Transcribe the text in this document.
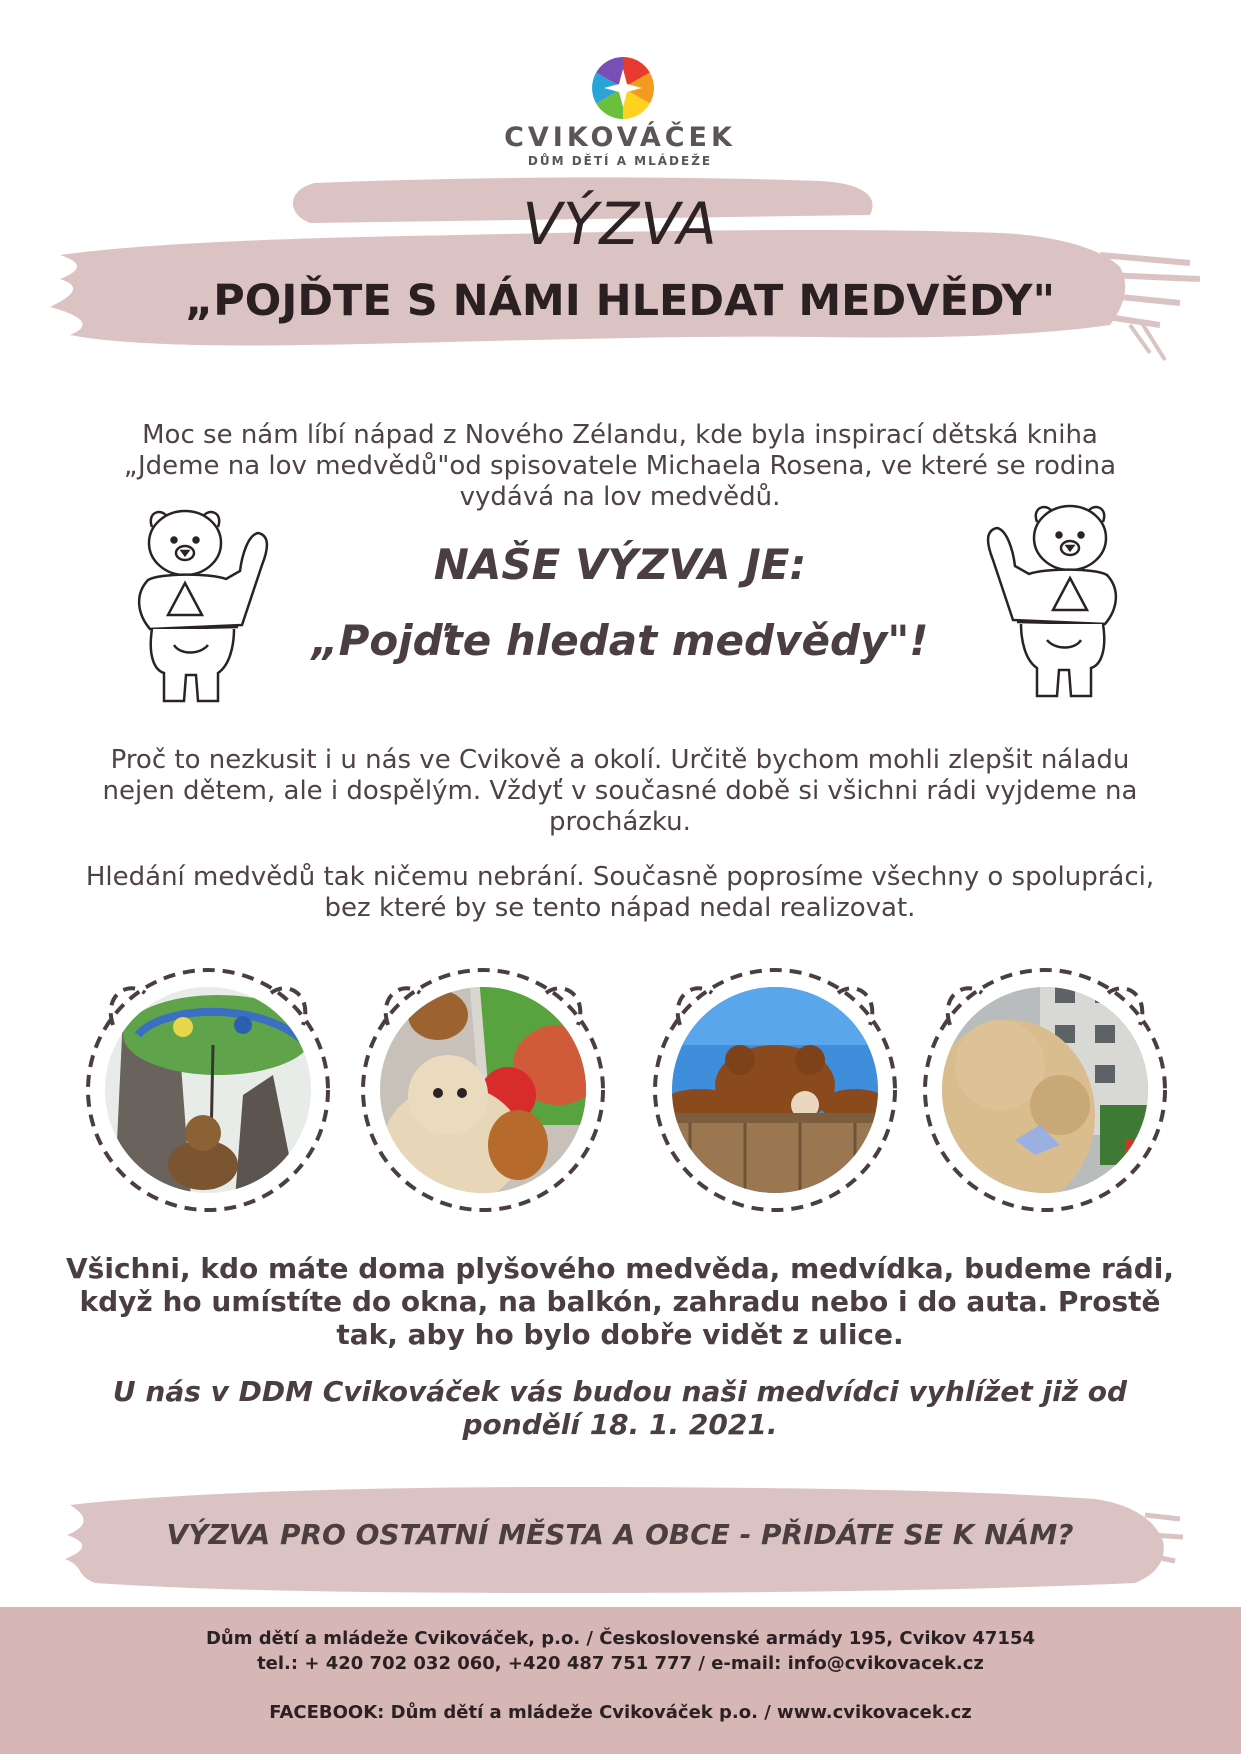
CVIKOVÁČEK
DŮM DĚTÍ A MLÁDEŽE
VÝZVA
„POJĎTE S NÁMI HLEDAT MEDVĚDY"
Moc se nám líbí nápad z Nového Zélandu, kde byla inspirací dětská kniha „Jdeme na lov medvědů"od spisovatele Michaela Rosena, ve které se rodina vydává na lov medvědů.
NAŠE VÝZVA JE:
„Pojďte hledat medvědy"!
Proč to nezkusit i u nás ve Cvikově a okolí. Určitě bychom mohli zlepšit náladu nejen dětem, ale i dospělým. Vždyť v současné době si všichni rádi vyjdeme na procházku.
Hledání medvědů tak ničemu nebrání. Současně poprosíme všechny o spolupráci, bez které by se tento nápad nedal realizovat.
Všichni, kdo máte doma plyšového medvěda, medvídka, budeme rádi, když ho umístíte do okna, na balkón, zahradu nebo i do auta. Prostě tak, aby ho bylo dobře vidět z ulice.
U nás v DDM Cvikováček vás budou naši medvídci vyhlížet již od pondělí 18. 1. 2021.
VÝZVA PRO OSTATNÍ MĚSTA A OBCE - PŘIDÁTE SE K NÁM?
Dům dětí a mládeže Cvikováček, p.o. / Československé armády 195, Cvikov 47154
tel.: + 420 702 032 060, +420 487 751 777 / e-mail: info@cvikovacek.cz
FACEBOOK: Dům dětí a mládeže Cvikováček p.o. / www.cvikovacek.cz
